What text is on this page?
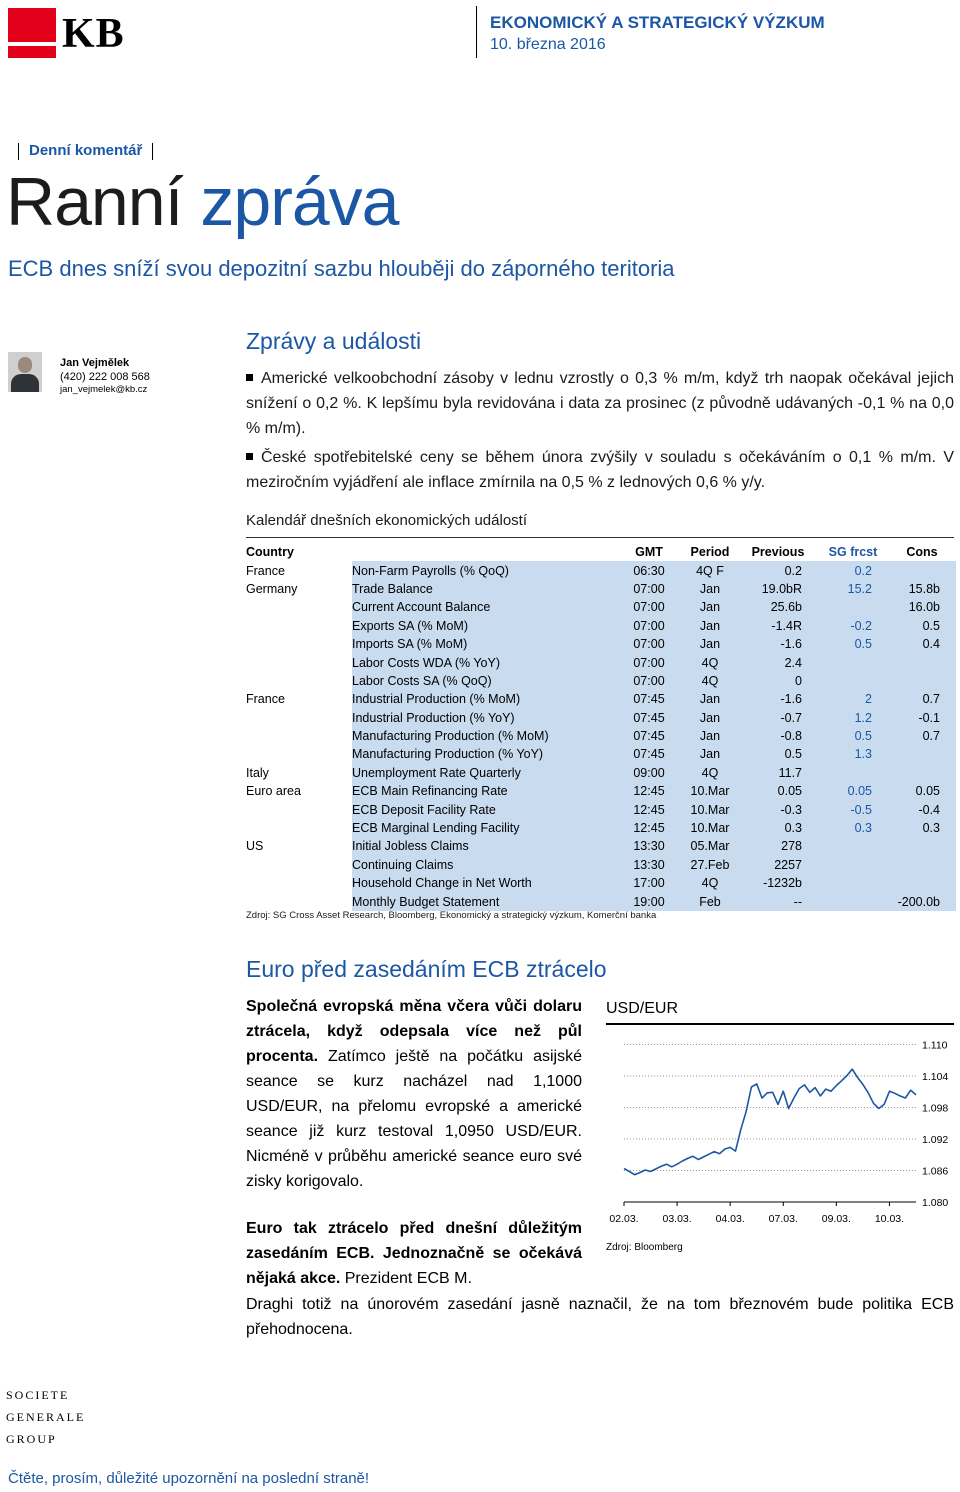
KB	EKONOMICKÝ A STRATEGICKÝ VÝZKUM
10. března 2016
Denní komentář
Ranní zpráva
ECB dnes sníží svou depozitní sazbu hlouběji do záporného teritoria
Jan Vejmělek
(420) 222 008 568
jan_vejmelek@kb.cz
Zprávy a události
Americké velkoobchodní zásoby v lednu vzrostly o 0,3 % m/m, když trh naopak očekával jejich snížení o 0,2 %. K lepšímu byla revidována i data za prosinec (z původně udávaných -0,1 % na 0,0 % m/m).
České spotřebitelské ceny se během února zvýšily v souladu s očekáváním o 0,1 % m/m. V meziročním vyjádření ale inflace zmírnila na 0,5 % z lednových 0,6 % y/y.
Kalendář dnešních ekonomických událostí
Country		GMT	Period	Previous	SG frcst	Cons
France	Non-Farm Payrolls (% QoQ)	06:30	4Q F	0.2	0.2	
Germany	Trade Balance	07:00	Jan	19.0bR	15.2	15.8b
	Current Account Balance	07:00	Jan	25.6b		16.0b
	Exports SA (% MoM)	07:00	Jan	-1.4R	-0.2	0.5
	Imports SA (% MoM)	07:00	Jan	-1.6	0.5	0.4
	Labor Costs WDA (% YoY)	07:00	4Q	2.4		
	Labor Costs SA (% QoQ)	07:00	4Q	0		
France	Industrial Production (% MoM)	07:45	Jan	-1.6	2	0.7
	Industrial Production (% YoY)	07:45	Jan	-0.7	1.2	-0.1
	Manufacturing Production (% MoM)	07:45	Jan	-0.8	0.5	0.7
	Manufacturing Production (% YoY)	07:45	Jan	0.5	1.3	
Italy	Unemployment Rate Quarterly	09:00	4Q	11.7		
Euro area	ECB Main Refinancing Rate	12:45	10.Mar	0.05	0.05	0.05
	ECB Deposit Facility Rate	12:45	10.Mar	-0.3	-0.5	-0.4
	ECB Marginal Lending Facility	12:45	10.Mar	0.3	0.3	0.3
US	Initial Jobless Claims	13:30	05.Mar	278		
	Continuing Claims	13:30	27.Feb	2257		
	Household Change in Net Worth	17:00	4Q	-1232b		
	Monthly Budget Statement	19:00	Feb	--		-200.0b
Zdroj: SG Cross Asset Research, Bloomberg, Ekonomický a strategický výzkum, Komerční banka
Euro před zasedáním ECB ztrácelo
Společná evropská měna včera vůči dolaru ztrácela, když odepsala více než půl procenta. Zatímco ještě na počátku asijské seance se kurz nacházel nad 1,1000 USD/EUR, na přelomu evropské a americké seance již kurz testoval 1,0950 USD/EUR. Nicméně v průběhu americké seance euro své zisky korigovalo.
Euro tak ztrácelo před dnešní důležitým zasedáním ECB. Jednoznačně se očekává nějaká akce. Prezident ECB M.
Draghi totiž na únorovém zasedání jasně naznačil, že na tom březnovém bude politika ECB přehodnocena.
USD/EUR
1.080
1.086
1.092
1.098
1.104
1.110
02.03. 03.03. 04.03. 07.03. 09.03. 10.03.
Zdroj: Bloomberg
SOCIETE
GENERALE
GROUP
Čtěte, prosím, důležité upozornění na poslední straně!
